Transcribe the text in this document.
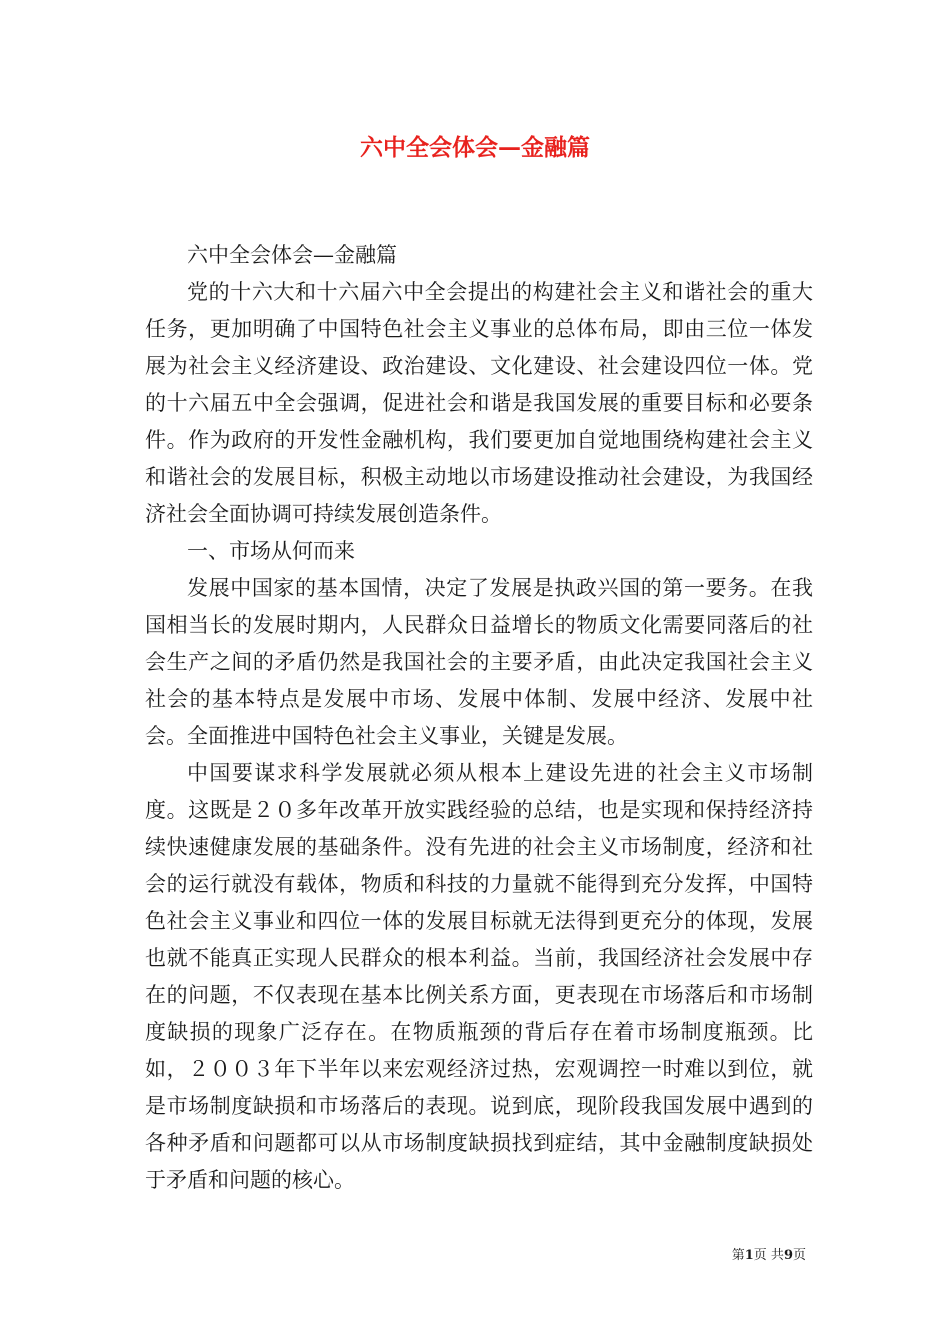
六中全会体会—金融篇

六中全会体会—金融篇

党的十六大和十六届六中全会提出的构建社会主义和谐社会的重大任务，更加明确了中国特色社会主义事业的总体布局，即由三位一体发展为社会主义经济建设、政治建设、文化建设、社会建设四位一体。党的十六届五中全会强调，促进社会和谐是我国发展的重要目标和必要条件。作为政府的开发性金融机构，我们要更加自觉地围绕构建社会主义和谐社会的发展目标，积极主动地以市场建设推动社会建设，为我国经济社会全面协调可持续发展创造条件。

一、市场从何而来

发展中国家的基本国情，决定了发展是执政兴国的第一要务。在我国相当长的发展时期内，人民群众日益增长的物质文化需要同落后的社会生产之间的矛盾仍然是我国社会的主要矛盾，由此决定我国社会主义社会的基本特点是发展中市场、发展中体制、发展中经济、发展中社会。全面推进中国特色社会主义事业，关键是发展。

中国要谋求科学发展就必须从根本上建设先进的社会主义市场制度。这既是２０多年改革开放实践经验的总结，也是实现和保持经济持续快速健康发展的基础条件。没有先进的社会主义市场制度，经济和社会的运行就没有载体，物质和科技的力量就不能得到充分发挥，中国特色社会主义事业和四位一体的发展目标就无法得到更充分的体现，发展也就不能真正实现人民群众的根本利益。当前，我国经济社会发展中存在的问题，不仅表现在基本比例关系方面，更表现在市场落后和市场制度缺损的现象广泛存在。在物质瓶颈的背后存在着市场制度瓶颈。比如，２００３年下半年以来宏观经济过热，宏观调控一时难以到位，就是市场制度缺损和市场落后的表现。说到底，现阶段我国发展中遇到的各种矛盾和问题都可以从市场制度缺损找到症结，其中金融制度缺损处于矛盾和问题的核心。

第1页 共9页
